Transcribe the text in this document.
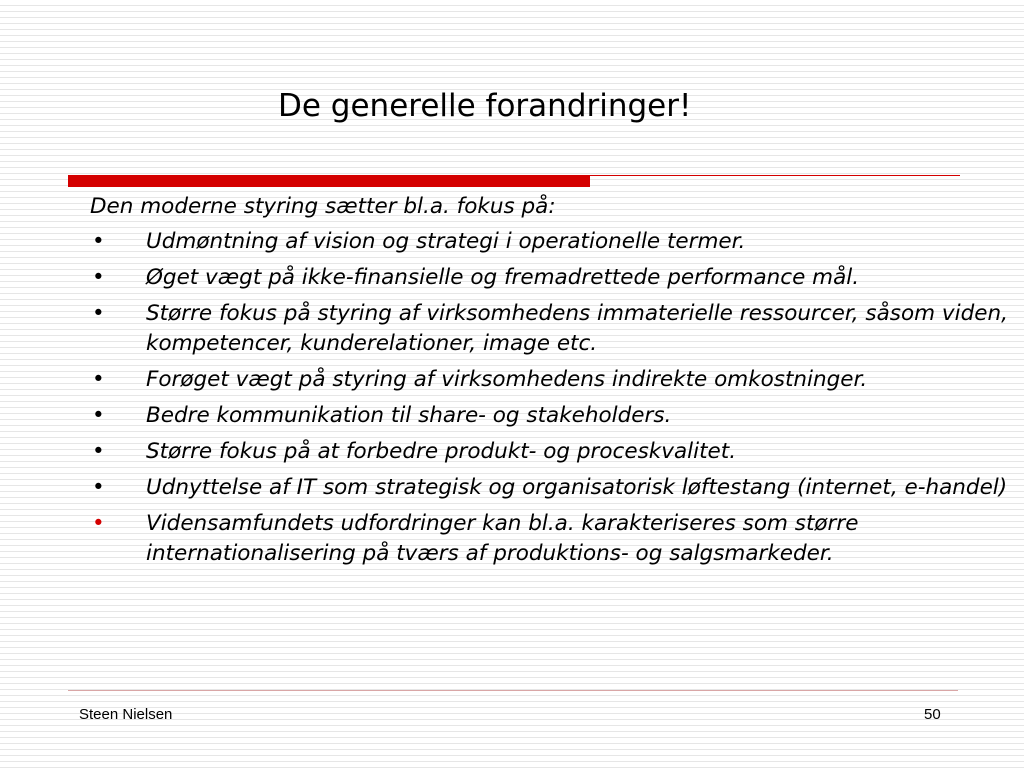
De generelle forandringer!

Den moderne styring sætter bl.a. fokus på:

• Udmøntning af vision og strategi i operationelle termer.
• Øget vægt på ikke-finansielle og fremadrettede performance mål.
• Større fokus på styring af virksomhedens immaterielle ressourcer, såsom viden, kompetencer, kunderelationer, image etc.
• Forøget vægt på styring af virksomhedens indirekte omkostninger.
• Bedre kommunikation til share- og stakeholders.
• Større fokus på at forbedre produkt- og proceskvalitet.
• Udnyttelse af IT som strategisk og organisatorisk løftestang (internet, e-handel)
• Vidensamfundets udfordringer kan bl.a. karakteriseres som større internationalisering på tværs af produktions- og salgsmarkeder.
Steen Nielsen	50
